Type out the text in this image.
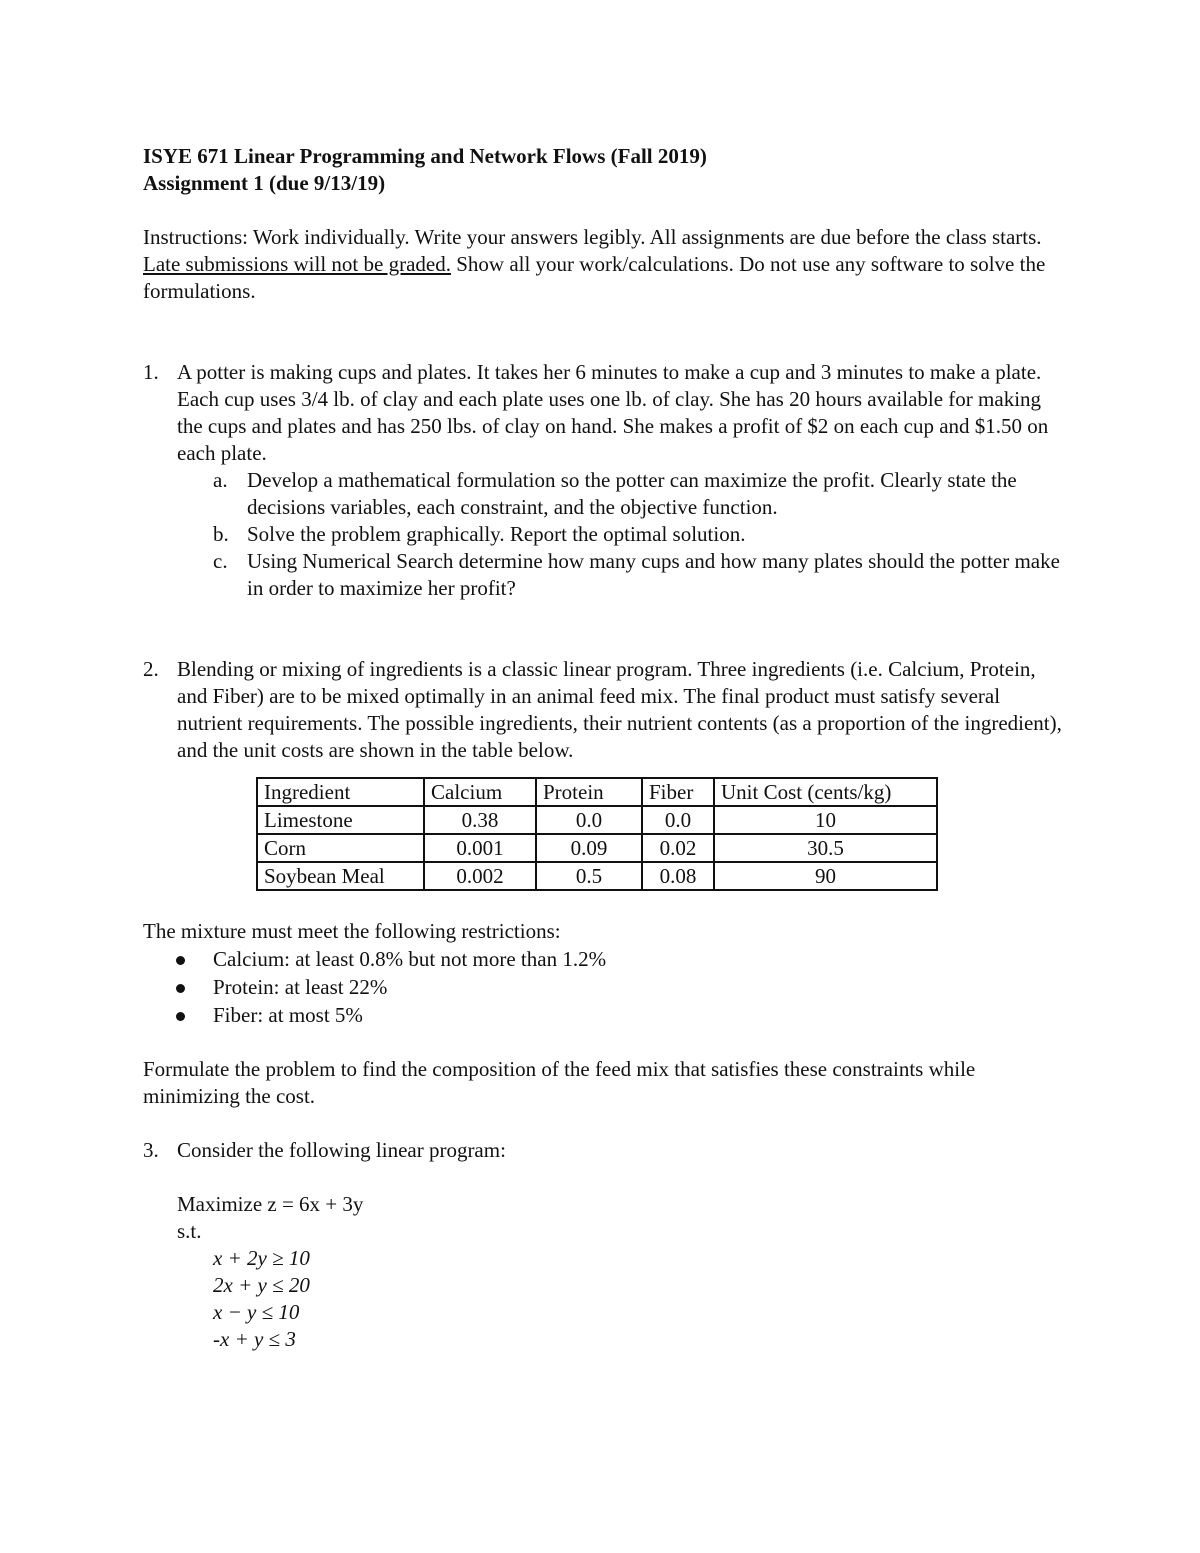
ISYE 671 Linear Programming and Network Flows (Fall 2019)

Assignment 1 (due 9/13/19)

Instructions: Work individually. Write your answers legibly. All assignments are due before the class starts. Late submissions will not be graded. Show all your work/calculations. Do not use any software to solve the formulations.

1. A potter is making cups and plates. It takes her 6 minutes to make a cup and 3 minutes to make a plate. Each cup uses 3/4 lb. of clay and each plate uses one lb. of clay. She has 20 hours available for making the cups and plates and has 250 lbs. of clay on hand. She makes a profit of $2 on each cup and $1.50 on each plate.

a. Develop a mathematical formulation so the potter can maximize the profit. Clearly state the decisions variables, each constraint, and the objective function.
b. Solve the problem graphically. Report the optimal solution.
c. Using Numerical Search determine how many cups and how many plates should the potter make in order to maximize her profit?
2. Blending or mixing of ingredients is a classic linear program. Three ingredients (i.e. Calcium, Protein, and Fiber) are to be mixed optimally in an animal feed mix. The final product must satisfy several nutrient requirements. The possible ingredients, their nutrient contents (as a proportion of the ingredient), and the unit costs are shown in the table below.

Ingredient	Calcium	Protein	Fiber	Unit Cost (cents/kg)
Limestone	0.38	0.0	0.0	10
Corn	0.001	0.09	0.02	30.5
Soybean Meal	0.002	0.5	0.08	90

The mixture must meet the following restrictions:

Calcium: at least 0.8% but not more than 1.2%
Protein: at least 22%
Fiber: at most 5%

Formulate the problem to find the composition of the feed mix that satisfies these constraints while minimizing the cost.

3. Consider the following linear program:

Maximize z = 6x + 3y

s.t.

x + 2y ≥ 10
2x + y ≤ 20
x − y ≤ 10
-x + y ≤ 3
